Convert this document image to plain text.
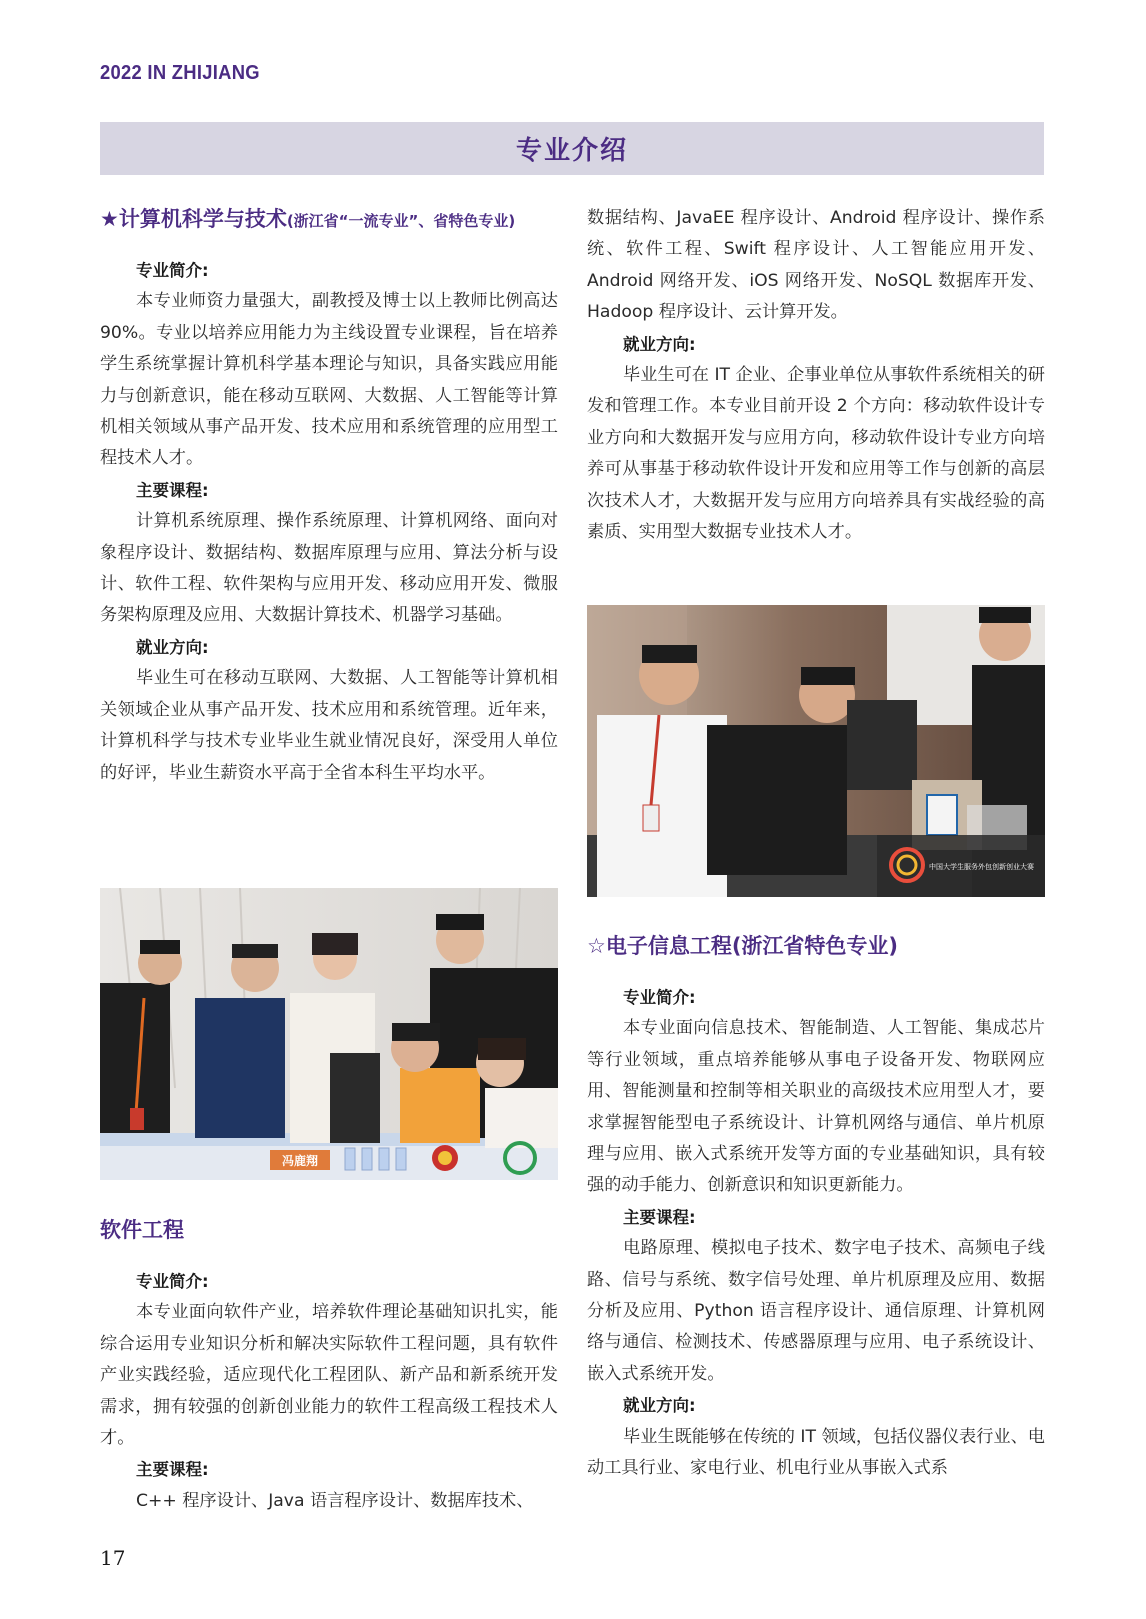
2022 IN ZHIJIANG
专业介绍
★计算机科学与技术(浙江省“一流专业”、省特色专业)
专业简介:

本专业师资力量强大，副教授及博士以上教师比例高达 90%。专业以培养应用能力为主线设置专业课程，旨在培养学生系统掌握计算机科学基本理论与知识，具备实践应用能力与创新意识，能在移动互联网、大数据、人工智能等计算机相关领域从事产品开发、技术应用和系统管理的应用型工程技术人才。

主要课程:

计算机系统原理、操作系统原理、计算机网络、面向对象程序设计、数据结构、数据库原理与应用、算法分析与设计、软件工程、软件架构与应用开发、移动应用开发、微服务架构原理及应用、大数据计算技术、机器学习基础。

就业方向:

毕业生可在移动互联网、大数据、人工智能等计算机相关领域企业从事产品开发、技术应用和系统管理。近年来，计算机科学与技术专业毕业生就业情况良好，深受用人单位的好评，毕业生薪资水平高于全省本科生平均水平。

冯鹿翔
软件工程
专业简介:

本专业面向软件产业，培养软件理论基础知识扎实，能综合运用专业知识分析和解决实际软件工程问题，具有软件产业实践经验，适应现代化工程团队、新产品和新系统开发需求，拥有较强的创新创业能力的软件工程高级工程技术人才。

主要课程:

C++ 程序设计、Java 语言程序设计、数据库技术、

数据结构、JavaEE 程序设计、Android 程序设计、操作系统、软件工程、Swift 程序设计、人工智能应用开发、Android 网络开发、iOS 网络开发、NoSQL 数据库开发、Hadoop 程序设计、云计算开发。

就业方向:

毕业生可在 IT 企业、企事业单位从事软件系统相关的研发和管理工作。本专业目前开设 2 个方向：移动软件设计专业方向和大数据开发与应用方向，移动软件设计专业方向培养可从事基于移动软件设计开发和应用等工作与创新的高层次技术人才，大数据开发与应用方向培养具有实战经验的高素质、实用型大数据专业技术人才。

中国大学生服务外包创新创业大赛
☆电子信息工程(浙江省特色专业)
专业简介:

本专业面向信息技术、智能制造、人工智能、集成芯片等行业领域，重点培养能够从事电子设备开发、物联网应用、智能测量和控制等相关职业的高级技术应用型人才，要求掌握智能型电子系统设计、计算机网络与通信、单片机原理与应用、嵌入式系统开发等方面的专业基础知识，具有较强的动手能力、创新意识和知识更新能力。

主要课程:

电路原理、模拟电子技术、数字电子技术、高频电子线路、信号与系统、数字信号处理、单片机原理及应用、数据分析及应用、Python 语言程序设计、通信原理、计算机网络与通信、检测技术、传感器原理与应用、电子系统设计、嵌入式系统开发。

就业方向:

毕业生既能够在传统的 IT 领域，包括仪器仪表行业、电动工具行业、家电行业、机电行业从事嵌入式系

17
